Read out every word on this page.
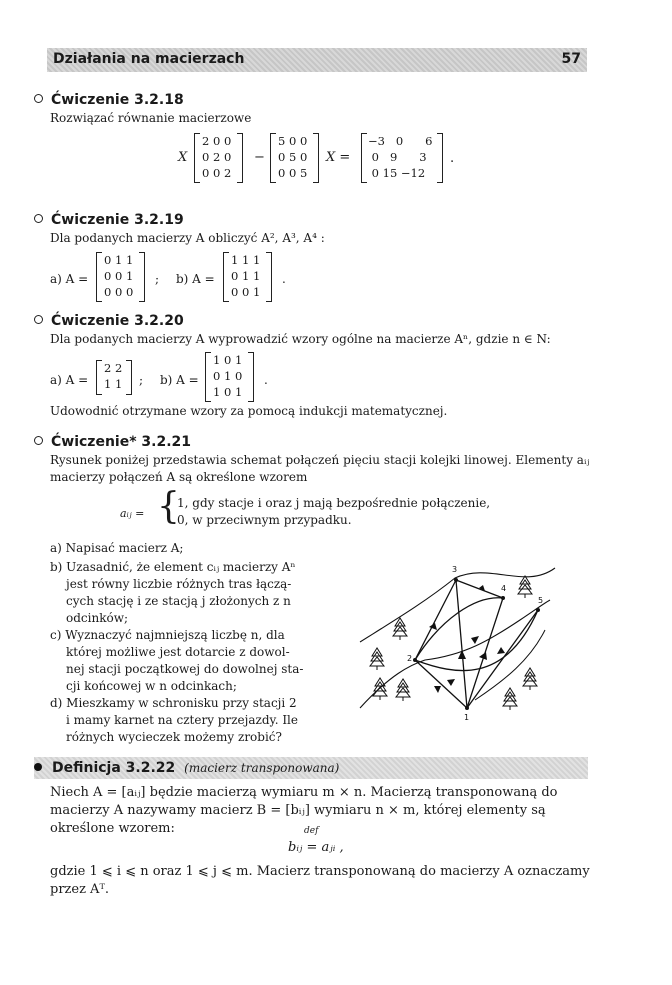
Działania na macierzach	57
Ćwiczenie 3.2.18
Rozwiązać równanie macierzowe
X
2 0 0
0 2 0
0 0 2
−
5 0 0
0 5 0
0 0 5
X =
−3   0      6
0   9      3
0 15 −12
.
Ćwiczenie 3.2.19
Dla podanych macierzy A obliczyć A², A³, A⁴ :
a) A =
0 1 1
0 0 1
0 0 0
; b) A =
1 1 1
0 1 1
0 0 1
.
Ćwiczenie 3.2.20
Dla podanych macierzy A wyprowadzić wzory ogólne na macierze Aⁿ, gdzie n ∈ N:
a) A =
2 2
1 1 ; b) A =
1 0 1
0 1 0
1 0 1
.
Udowodnić otrzymane wzory za pomocą indukcji matematycznej.
Ćwiczenie* 3.2.21
Rysunek poniżej przedstawia schemat połączeń pięciu stacji kolejki linowej. Elementy aᵢⱼ
macierzy połączeń A są określone wzorem
aᵢⱼ = {
1, gdy stacje i oraz j mają bezpośrednie połączenie,
0, w przeciwnym przypadku.
a) Napisać macierz A;
b) Uzasadnić, że element cᵢⱼ macierzy Aⁿ
jest równy liczbie różnych tras łączą-
cych stację i ze stacją j złożonych z n
odcinków;
c) Wyznaczyć najmniejszą liczbę n, dla
której możliwe jest dotarcie z dowol-
nej stacji początkowej do dowolnej sta-
cji końcowej w n odcinkach;
d) Mieszkamy w schronisku przy stacji 2
i mamy karnet na cztery przejazdy. Ile
różnych wycieczek możemy zrobić?
3
4
5
2
1
Definicja 3.2.22 (macierz transponowana)
Niech A = [aᵢⱼ] będzie macierzą wymiaru m × n. Macierzą transponowaną do
macierzy A nazywamy macierz B = [bᵢⱼ] wymiaru n × m, której elementy są
określone wzorem:	def
bᵢⱼ = aⱼᵢ ,
gdzie 1 ⩽ i ⩽ n oraz 1 ⩽ j ⩽ m. Macierz transponowaną do macierzy A oznaczamy
przez Aᵀ.
